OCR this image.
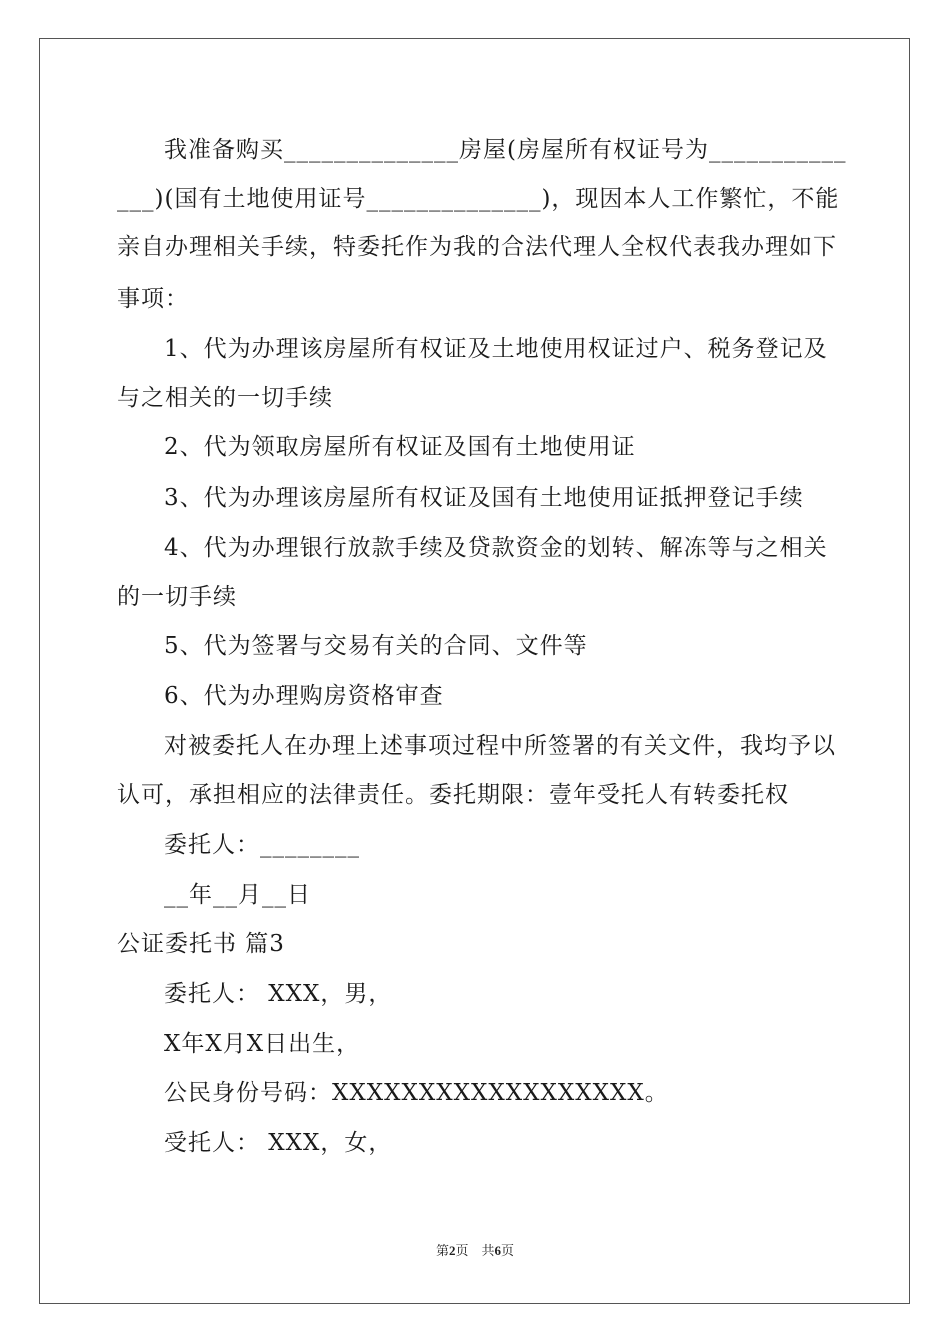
我准备购买______________房屋(房屋所有权证号为___________
___)(国有土地使用证号______________)，现因本人工作繁忙，不能
亲自办理相关手续，特委托作为我的合法代理人全权代表我办理如下
事项：
1、代为办理该房屋所有权证及土地使用权证过户、税务登记及
与之相关的一切手续
2、代为领取房屋所有权证及国有土地使用证
3、代为办理该房屋所有权证及国有土地使用证抵押登记手续
4、代为办理银行放款手续及贷款资金的划转、解冻等与之相关
的一切手续
5、代为签署与交易有关的合同、文件等
6、代为办理购房资格审查
对被委托人在办理上述事项过程中所签署的有关文件，我均予以
认可，承担相应的法律责任。委托期限：壹年受托人有转委托权
委托人：________
__年__月__日
公证委托书 篇3
委托人： XXX，男，
X年X月X日出生，
公民身份号码：XXXXXXXXXXXXXXXXXX。
受托人： XXX，女，
第2页　共6页
